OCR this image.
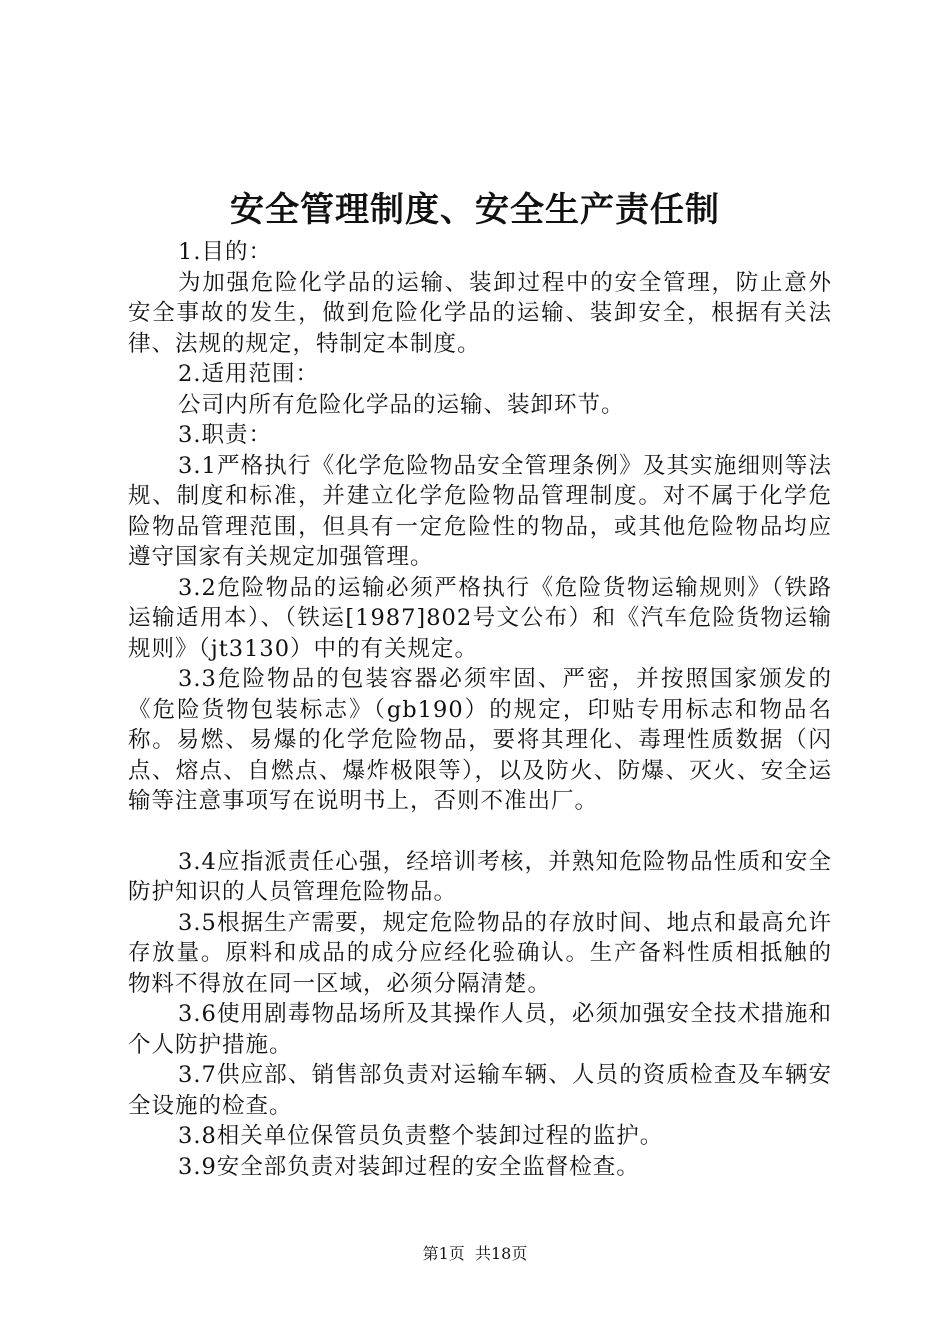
安全管理制度、安全生产责任制

1.目的：

为加强危险化学品的运输、装卸过程中的安全管理，防止意外安全事故的发生，做到危险化学品的运输、装卸安全，根据有关法律、法规的规定，特制定本制度。

2.适用范围：

公司内所有危险化学品的运输、装卸环节。

3.职责：

3.1严格执行《化学危险物品安全管理条例》及其实施细则等法规、制度和标准，并建立化学危险物品管理制度。对不属于化学危险物品管理范围，但具有一定危险性的物品，或其他危险物品均应遵守国家有关规定加强管理。

3.2危险物品的运输必须严格执行《危险货物运输规则》（铁路运输适用本）、（铁运[1987]802号文公布）和《汽车危险货物运输规则》（jt3130）中的有关规定。

3.3危险物品的包装容器必须牢固、严密，并按照国家颁发的《危险货物包装标志》（gb190）的规定，印贴专用标志和物品名称。易燃、易爆的化学危险物品，要将其理化、毒理性质数据（闪点、熔点、自燃点、爆炸极限等），以及防火、防爆、灭火、安全运输等注意事项写在说明书上，否则不准出厂。

3.4应指派责任心强，经培训考核，并熟知危险物品性质和安全防护知识的人员管理危险物品。

3.5根据生产需要，规定危险物品的存放时间、地点和最高允许存放量。原料和成品的成分应经化验确认。生产备料性质相抵触的物料不得放在同一区域，必须分隔清楚。

3.6使用剧毒物品场所及其操作人员，必须加强安全技术措施和个人防护措施。

3.7供应部、销售部负责对运输车辆、人员的资质检查及车辆安全设施的检查。

3.8相关单位保管员负责整个装卸过程的监护。

3.9安全部负责对装卸过程的安全监督检查。

第1页 共18页
